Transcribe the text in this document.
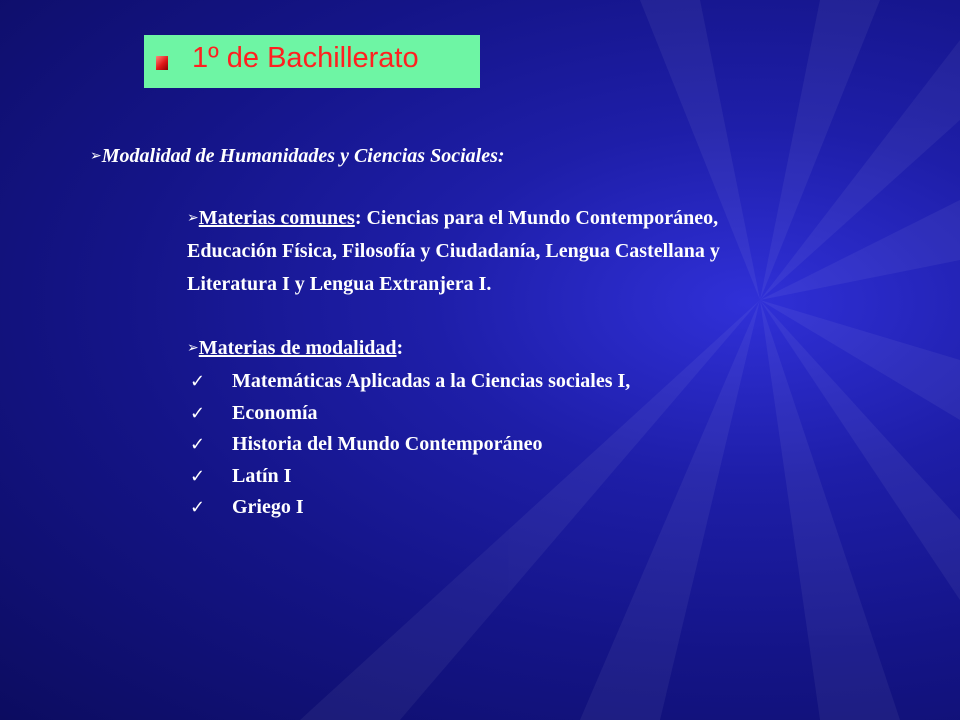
1º de Bachillerato
➢Modalidad de Humanidades y Ciencias Sociales:
➢Materias comunes: Ciencias para el Mundo Contemporáneo,
Educación Física, Filosofía y Ciudadanía, Lengua Castellana y
Literatura I y Lengua Extranjera I.
➢Materias de modalidad:
✓ Matemáticas Aplicadas a la Ciencias sociales I,
✓ Economía
✓ Historia del Mundo Contemporáneo
✓ Latín I
✓ Griego I
